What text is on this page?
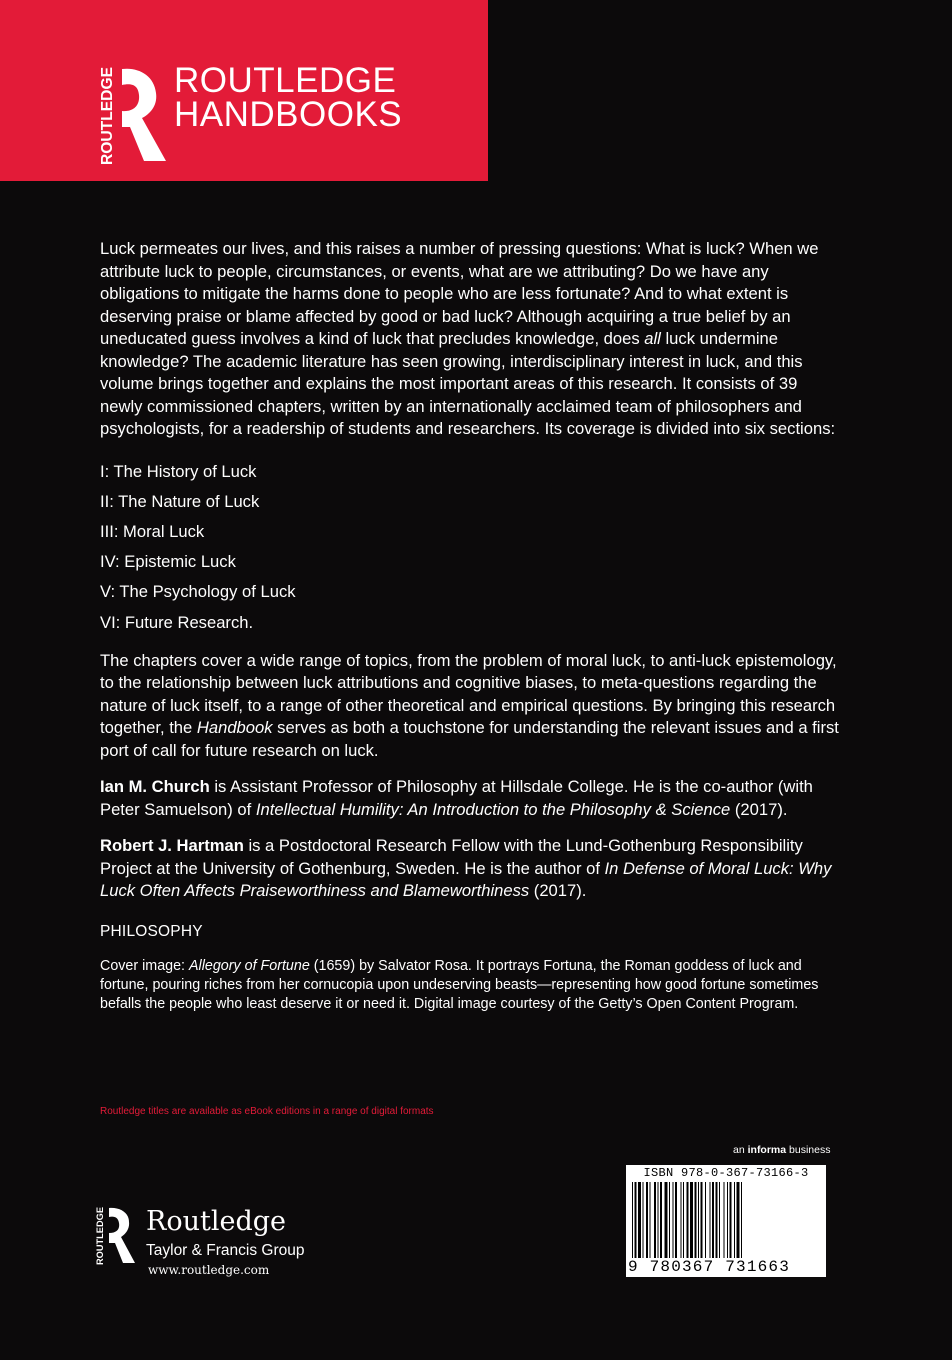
ROUTLEDGE ROUTLEDGE
HANDBOOKS

Luck permeates our lives, and this raises a number of pressing questions: What is luck? When we attribute luck to people, circumstances, or events, what are we attributing? Do we have any obligations to mitigate the harms done to people who are less fortunate? And to what extent is deserving praise or blame affected by good or bad luck? Although acquiring a true belief by an uneducated guess involves a kind of luck that precludes knowledge, does all luck undermine knowledge? The academic literature has seen growing, interdisciplinary interest in luck, and this volume brings together and explains the most important areas of this research. It consists of 39 newly commissioned chapters, written by an internationally acclaimed team of philosophers and psychologists, for a readership of students and researchers. Its coverage is divided into six sections:

I: The History of Luck
II: The Nature of Luck
III: Moral Luck
IV: Epistemic Luck
V: The Psychology of Luck
VI: Future Research.

The chapters cover a wide range of topics, from the problem of moral luck, to anti-luck epistemology, to the relationship between luck attributions and cognitive biases, to meta-questions regarding the nature of luck itself, to a range of other theoretical and empirical questions. By bringing this research together, the Handbook serves as both a touchstone for understanding the relevant issues and a first port of call for future research on luck.

Ian M. Church is Assistant Professor of Philosophy at Hillsdale College. He is the co-author (with Peter Samuelson) of Intellectual Humility: An Introduction to the Philosophy & Science (2017).

Robert J. Hartman is a Postdoctoral Research Fellow with the Lund-Gothenburg Responsibility Project at the University of Gothenburg, Sweden. He is the author of In Defense of Moral Luck: Why Luck Often Affects Praiseworthiness and Blameworthiness (2017).

PHILOSOPHY

Cover image: Allegory of Fortune (1659) by Salvator Rosa. It portrays Fortuna, the Roman goddess of luck and fortune, pouring riches from her cornucopia upon undeserving beasts—representing how good fortune sometimes befalls the people who least deserve it or need it. Digital image courtesy of the Getty’s Open Content Program.

Routledge titles are available as eBook editions in a range of digital formats
an informa business
ISBN 978-0-367-73166-3
9 780367 731663
ROUTLEDGE Routledge
Taylor & Francis Group
www.routledge.com
